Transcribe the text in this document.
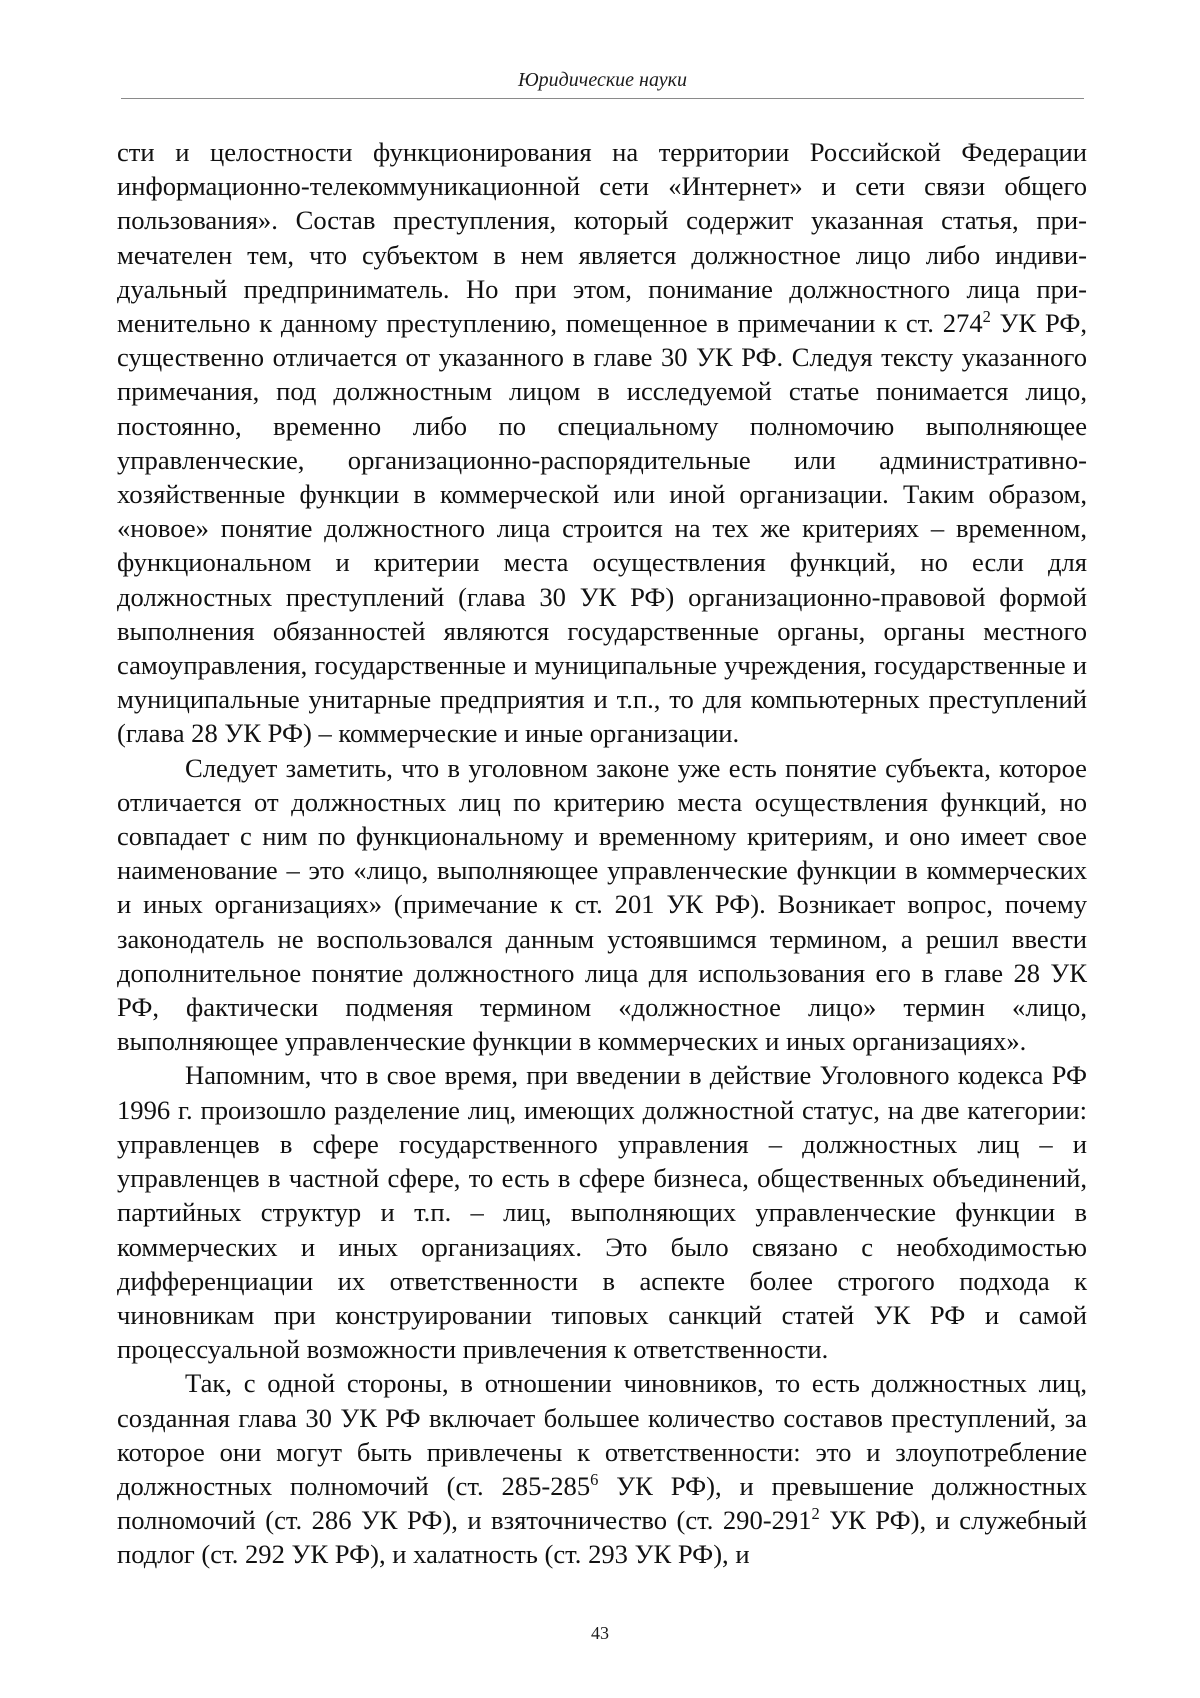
Юридические науки

сти и целостности функционирования на территории Российской Федерации информационно-телекоммуникационной сети «Интернет» и сети связи общего пользования». Состав преступления, который содержит указанная статья, примечателен тем, что субъектом в нем является должностное лицо либо индивидуальный предприниматель. Но при этом, понимание должностного лица применительно к данному преступлению, помещенное в примечании к ст. $274^2$ УК РФ, существенно отличается от указанного в главе 30 УК РФ. Следуя тексту указанного примечания, под должностным лицом в исследуемой статье понимается лицо, постоянно, временно либо по специальному полномочию выполняющее управленческие, организационно-распорядительные или административно-хозяйственные функции в коммерческой или иной организации. Таким образом, «новое» понятие должностного лица строится на тех же критериях – временном, функциональном и критерии места осуществления функций, но если для должностных преступлений (глава 30 УК РФ) организационно-правовой формой выполнения обязанностей являются государственные органы, органы местного самоуправления, государственные и муниципальные учреждения, государственные и муниципальные унитарные предприятия и т.п., то для компьютерных преступлений (глава 28 УК РФ) – коммерческие и иные организации.

Следует заметить, что в уголовном законе уже есть понятие субъекта, которое отличается от должностных лиц по критерию места осуществления функций, но совпадает с ним по функциональному и временному критериям, и оно имеет свое наименование – это «лицо, выполняющее управленческие функции в коммерческих и иных организациях» (примечание к ст. 201 УК РФ). Возникает вопрос, почему законодатель не воспользовался данным устоявшимся термином, а решил ввести дополнительное понятие должностного лица для использования его в главе 28 УК РФ, фактически подменяя термином «должностное лицо» термин «лицо, выполняющее управленческие функции в коммерческих и иных организациях».

Напомним, что в свое время, при введении в действие Уголовного кодекса РФ 1996 г. произошло разделение лиц, имеющих должностной статус, на две категории: управленцев в сфере государственного управления – должностных лиц – и управленцев в частной сфере, то есть в сфере бизнеса, общественных объединений, партийных структур и т.п. – лиц, выполняющих управленческие функции в коммерческих и иных организациях. Это было связано с необходимостью дифференциации их ответственности в аспекте более строгого подхода к чиновникам при конструировании типовых санкций статей УК РФ и самой процессуальной возможности привлечения к ответственности.

Так, с одной стороны, в отношении чиновников, то есть должностных лиц, созданная глава 30 УК РФ включает большее количество составов преступлений, за которое они могут быть привлечены к ответственности: это и злоупотребление должностных полномочий (ст. $285-285^6$ УК РФ), и превышение должностных полномочий (ст. 286 УК РФ), и взяточничество (ст. $290-291^2$ УК РФ), и служебный подлог (ст. 292 УК РФ), и халатность (ст. 293 УК РФ), и

43
